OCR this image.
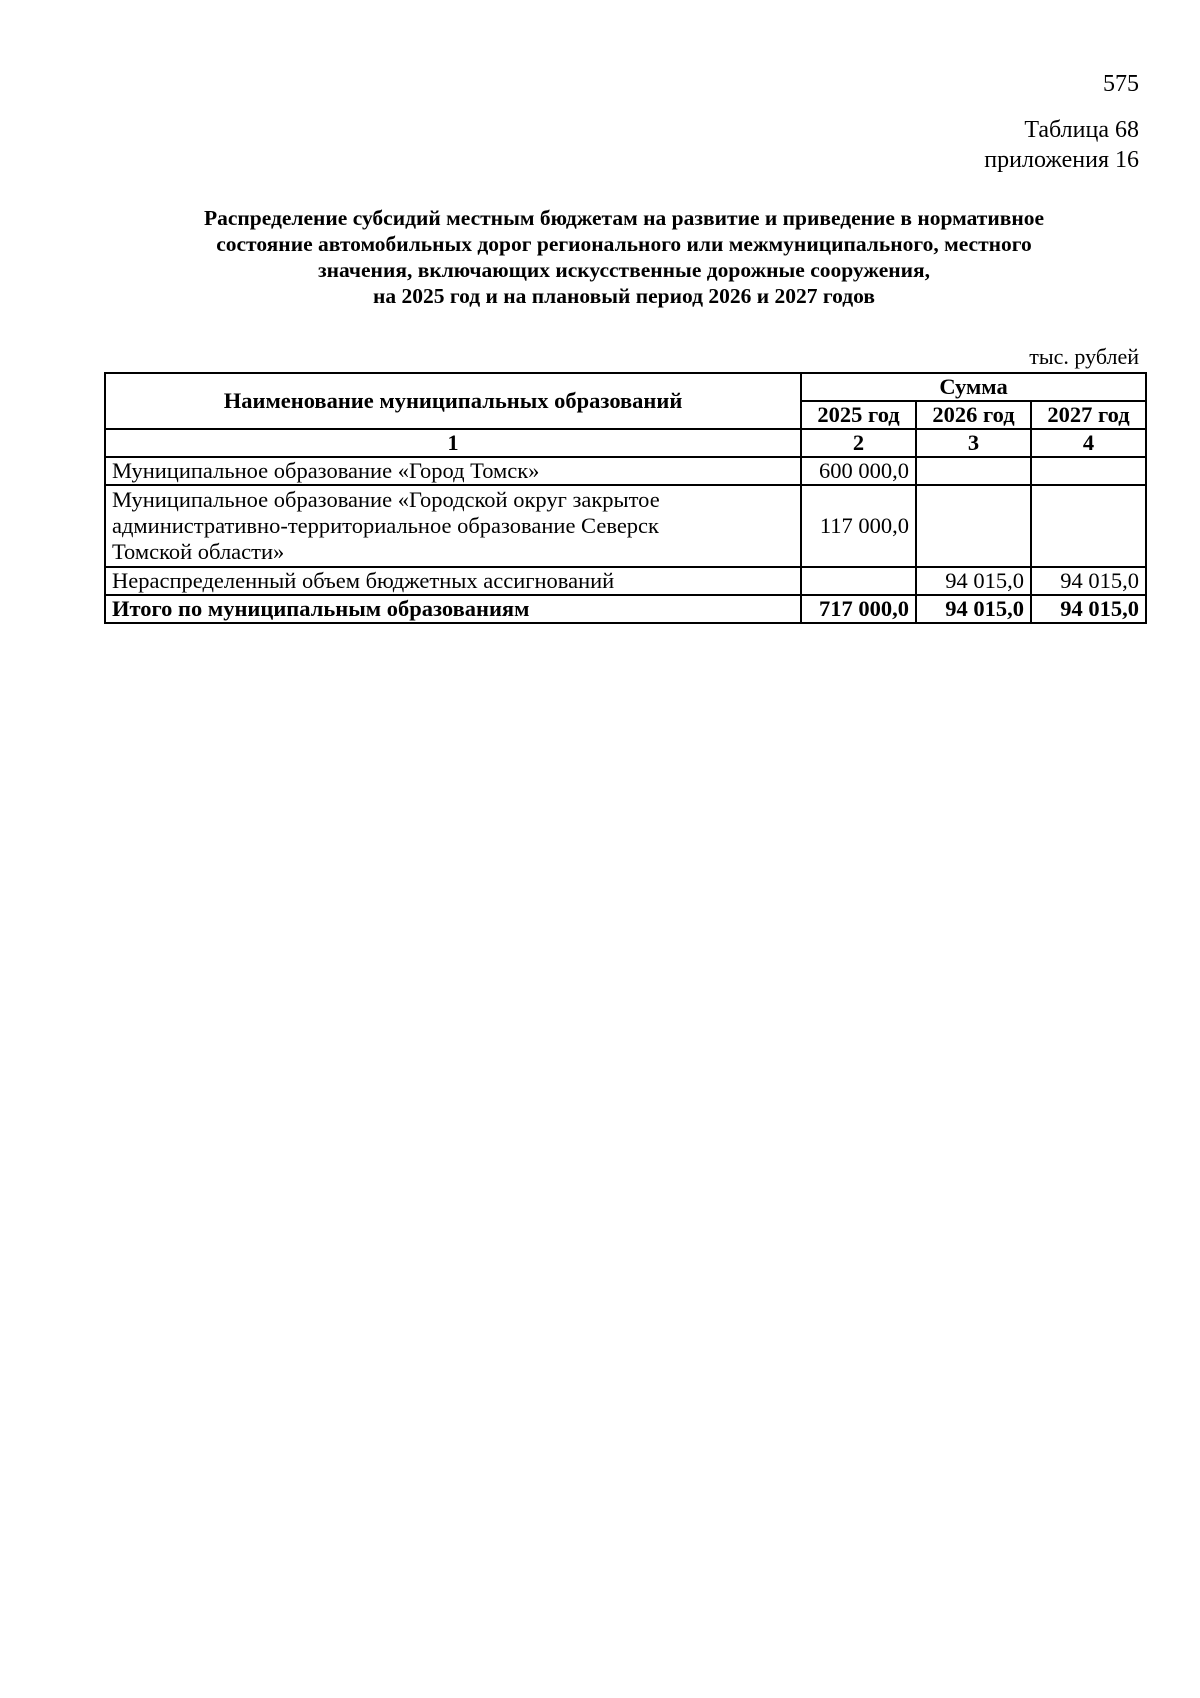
575
Таблица 68
приложения 16
Распределение субсидий местным бюджетам на развитие и приведение в нормативное
состояние автомобильных дорог регионального или межмуниципального, местного
значения, включающих искусственные дорожные сооружения,
на 2025 год и на плановый период 2026 и 2027 годов
тыс. рублей
Наименование муниципальных образований	Сумма		
	2025 год	2026 год	2027 год
1	2	3	4
Муниципальное образование «Город Томск»	600 000,0		

Муниципальное образование «Городской округ закрытое
административно-территориальное образование Северск
Томской области»	117 000,0		
Нераспределенный объем бюджетных ассигнований		94 015,0	94 015,0
Итого по муниципальным образованиям	717 000,0	94 015,0	94 015,0
